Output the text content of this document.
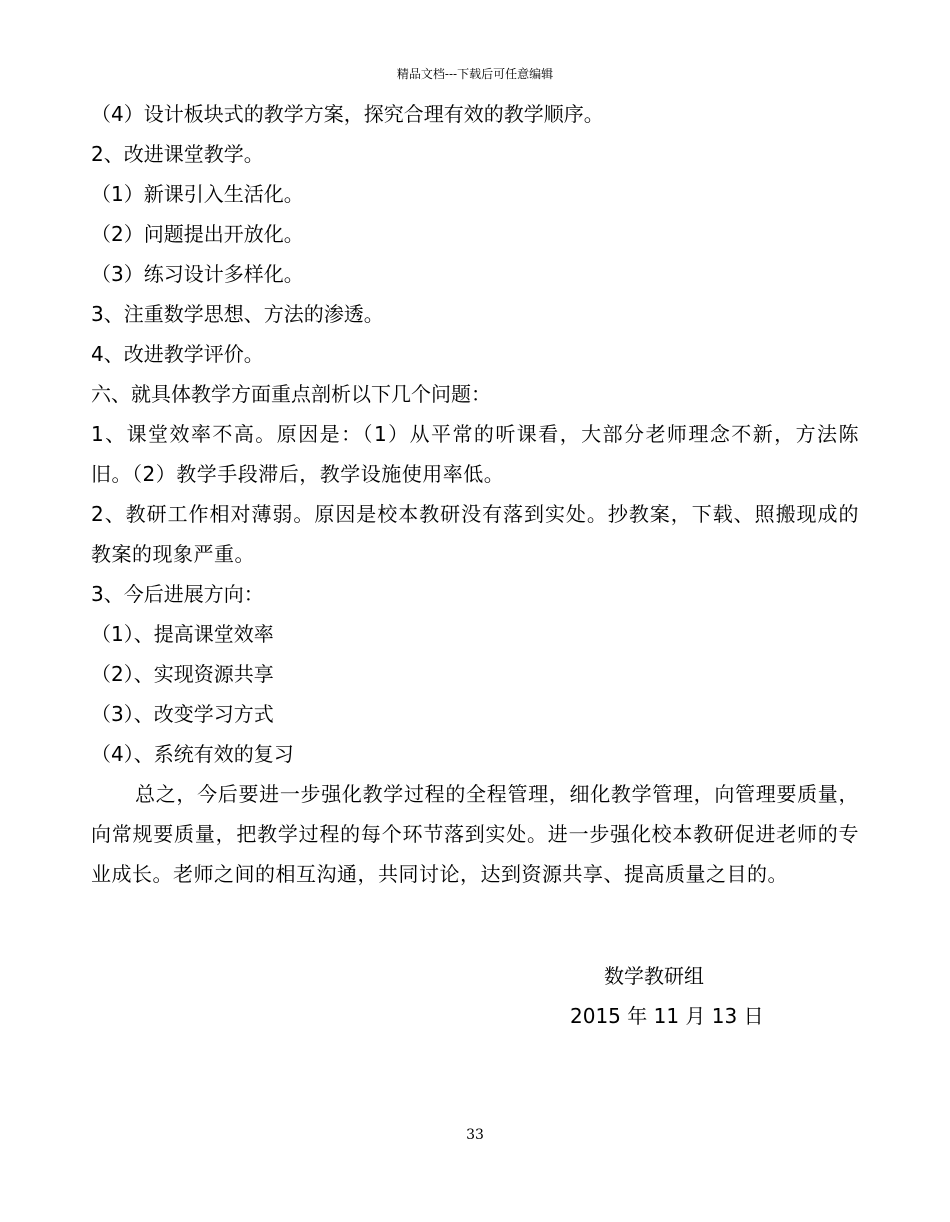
精品文档---下载后可任意编辑
（4）设计板块式的教学方案，探究合理有效的教学顺序。
2、改进课堂教学。
（1）新课引入生活化。
（2）问题提出开放化。
（3）练习设计多样化。
3、注重数学思想、方法的渗透。
4、改进教学评价。
六、就具体教学方面重点剖析以下几个问题：
1、课堂效率不高。原因是：（1）从平常的听课看，大部分老师理念不新，方法陈旧。（2）教学手段滞后，教学设施使用率低。
2、教研工作相对薄弱。原因是校本教研没有落到实处。抄教案，下载、照搬现成的教案的现象严重。
3、今后进展方向：
（1）、提高课堂效率
（2）、实现资源共享
（3）、改变学习方式
（4）、系统有效的复习
总之，今后要进一步强化教学过程的全程管理，细化教学管理，向管理要质量，向常规要质量，把教学过程的每个环节落到实处。进一步强化校本教研促进老师的专业成长。老师之间的相互沟通，共同讨论，达到资源共享、提高质量之目的。
数学教研组
2015 年 11 月 13 日
33
